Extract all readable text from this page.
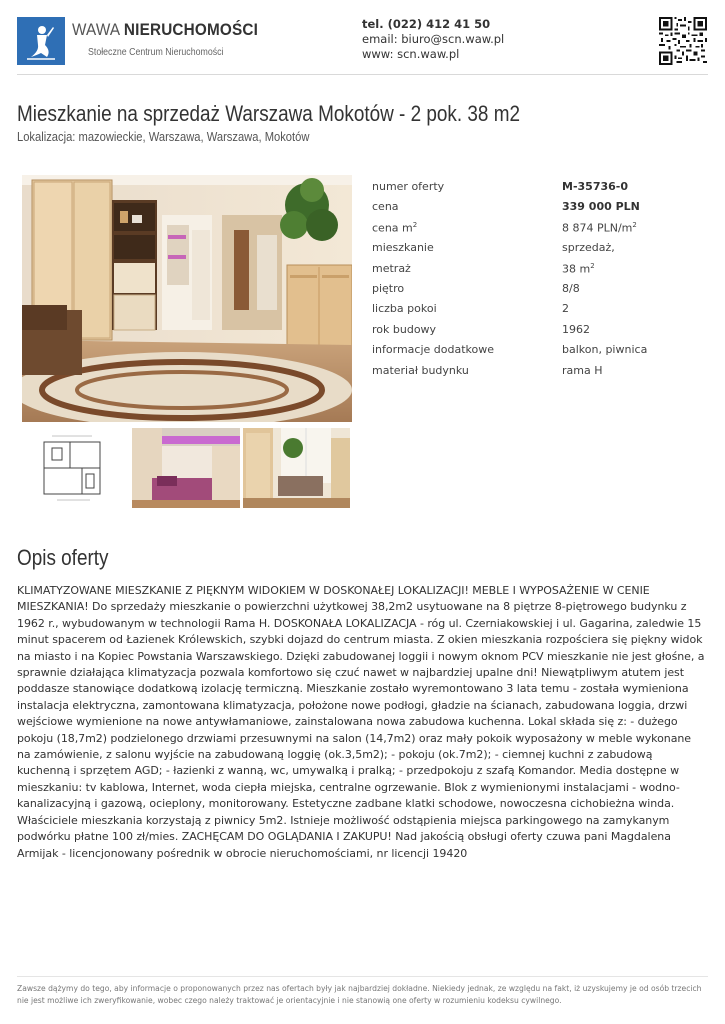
WAWA NIERUCHOMOŚCI
Stołeczne Centrum Nieruchomości
tel. (022) 412 41 50
email: biuro@scn.waw.pl
www: scn.waw.pl
Mieszkanie na sprzedaż Warszawa Mokotów - 2 pok. 38 m2
Lokalizacja: mazowieckie, Warszawa, Warszawa, Mokotów
numer oferty	M-35736-0
cena	339 000 PLN
cena $m^2$	8 874 PLN/$m^2$
mieszkanie	sprzedaż,
metraż	38 $m^2$
piętro	8/8
liczba pokoi	2
rok budowy	1962
informacje dodatkowe	balkon, piwnica
materiał budynku	rama H
Opis oferty
KLIMATYZOWANE MIESZKANIE Z PIĘKNYM WIDOKIEM W DOSKONAŁEJ LOKALIZACJI! MEBLE I WYPOSAŻENIE W CENIE MIESZKANIA! Do sprzedaży mieszkanie o powierzchni użytkowej 38,2m2 usytuowane na 8 piętrze 8-piętrowego budynku z 1962 r., wybudowanym w technologii Rama H. DOSKONAŁA LOKALIZACJA - róg ul. Czerniakowskiej i ul. Gagarina, zaledwie 15 minut spacerem od Łazienek Królewskich, szybki dojazd do centrum miasta. Z okien mieszkania rozpościera się piękny widok na miasto i na Kopiec Powstania Warszawskiego. Dzięki zabudowanej loggii i nowym oknom PCV mieszkanie nie jest głośne, a sprawnie działająca klimatyzacja pozwala komfortowo się czuć nawet w najbardziej upalne dni! Niewątpliwym atutem jest poddasze stanowiące dodatkową izolację termiczną. Mieszkanie zostało wyremontowano 3 lata temu - została wymieniona instalacja elektryczna, zamontowana klimatyzacja, położone nowe podłogi, gładzie na ścianach, zabudowana loggia, drzwi wejściowe wymienione na nowe antywłamaniowe, zainstalowana nowa zabudowa kuchenna. Lokal składa się z: - dużego pokoju (18,7m2) podzielonego drzwiami przesuwnymi na salon (14,7m2) oraz mały pokoik wyposażony w meble wykonane na zamówienie, z salonu wyjście na zabudowaną loggię (ok.3,5m2); - pokoju (ok.7m2); - ciemnej kuchni z zabudową kuchenną i sprzętem AGD; - łazienki z wanną, wc, umywalką i pralką; - przedpokoju z szafą Komandor. Media dostępne w mieszkaniu: tv kablowa, Internet, woda ciepła miejska, centralne ogrzewanie. Blok z wymienionymi instalacjami - wodno-kanalizacyjną i gazową, ocieplony, monitorowany. Estetyczne zadbane klatki schodowe, nowoczesna cichobieżna winda. Właściciele mieszkania korzystają z piwnicy 5m2. Istnieje możliwość odstąpienia miejsca parkingowego na zamykanym podwórku płatne 100 zł/mies. ZACHĘCAM DO OGLĄDANIA I ZAKUPU! Nad jakością obsługi oferty czuwa pani Magdalena Armijak - licencjonowany pośrednik w obrocie nieruchomościami, nr licencji 19420
Zawsze dążymy do tego, aby informacje o proponowanych przez nas ofertach były jak najbardziej dokładne. Niekiedy jednak, ze względu na fakt, iż uzyskujemy je od osób trzecich nie jest możliwe ich zweryfikowanie, wobec czego należy traktować je orientacyjnie i nie stanowią one oferty w rozumieniu kodeksu cywilnego.
